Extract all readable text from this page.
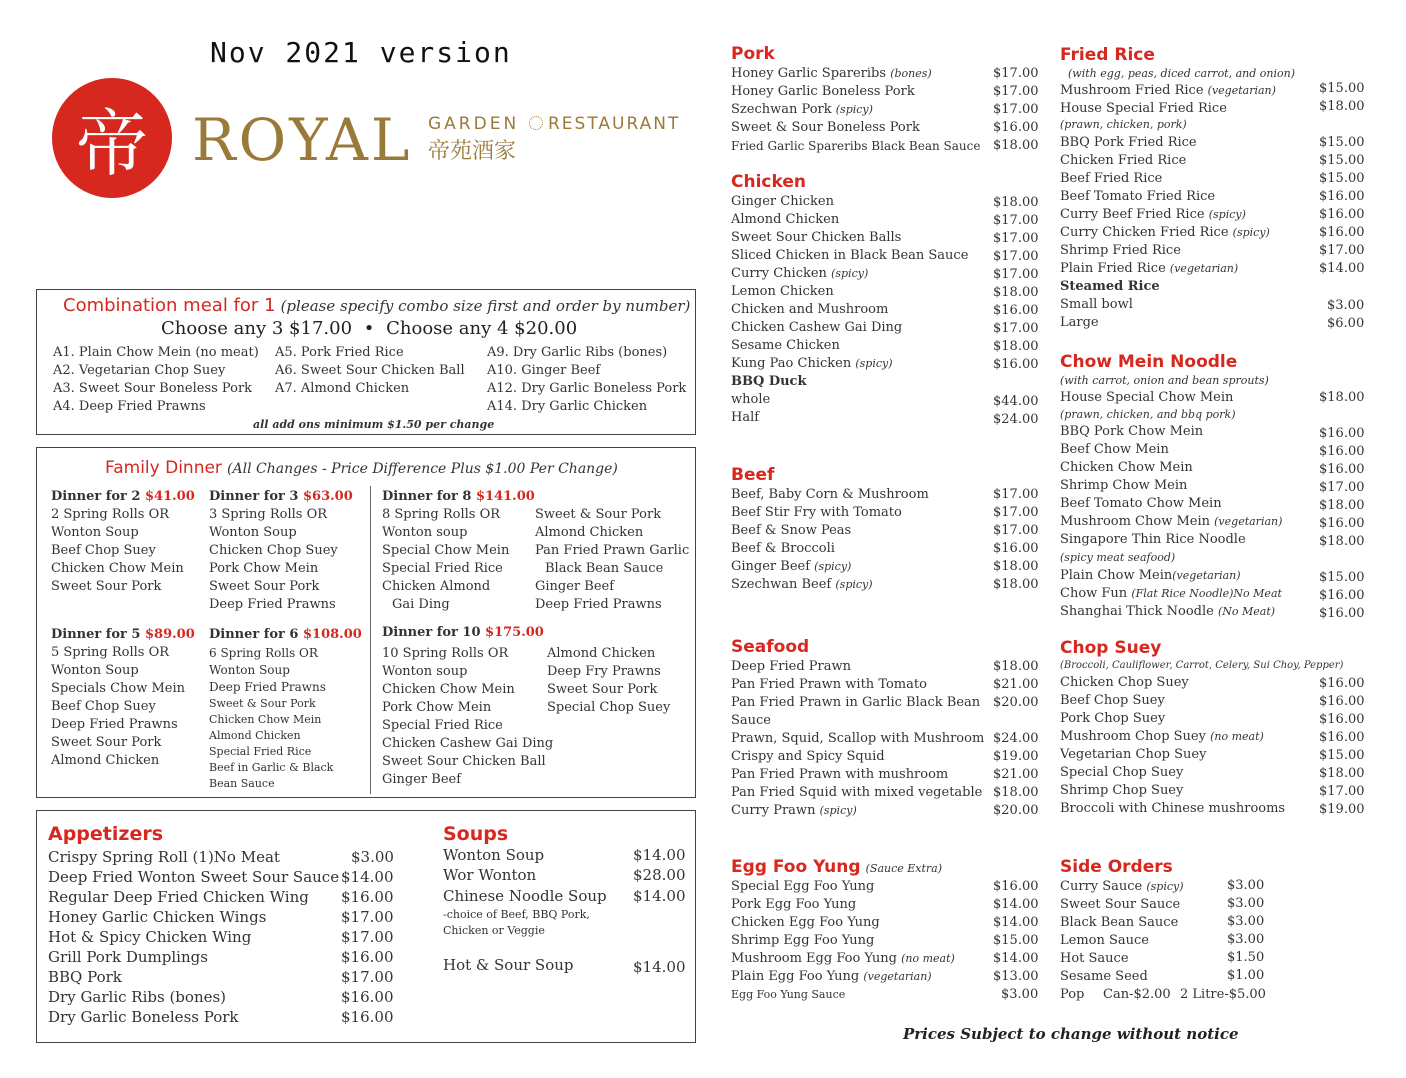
Nov 2021 version
帝 ROYAL GARDEN RESTAURANT
帝苑酒家
Combination meal for 1 (please specify combo size first and order by number)
Choose any 3 $17.00 • Choose any 4 $20.00
A1. Plain Chow Mein (no meat)
A2. Vegetarian Chop Suey
A3. Sweet Sour Boneless Pork
A4. Deep Fried Prawns
A5. Pork Fried Rice
A6. Sweet Sour Chicken Ball
A7. Almond Chicken
A9. Dry Garlic Ribs (bones)
A10. Ginger Beef
A12. Dry Garlic Boneless Pork
A14. Dry Garlic Chicken
all add ons minimum $1.50 per change
Family Dinner (All Changes - Price Difference Plus $1.00 Per Change)
Dinner for 2 $41.00
2 Spring Rolls OR
Wonton Soup
Beef Chop Suey
Chicken Chow Mein
Sweet Sour Pork
Dinner for 3 $63.00
3 Spring Rolls OR
Wonton Soup
Chicken Chop Suey
Pork Chow Mein
Sweet Sour Pork
Deep Fried Prawns
Dinner for 8 $141.00
8 Spring Rolls OR
Wonton soup
Special Chow Mein
Special Fried Rice
Chicken Almond
Gai Ding
Sweet & Sour Pork
Almond Chicken
Pan Fried Prawn Garlic
Black Bean Sauce
Ginger Beef
Deep Fried Prawns
Dinner for 5 $89.00
5 Spring Rolls OR
Wonton Soup
Specials Chow Mein
Beef Chop Suey
Deep Fried Prawns
Sweet Sour Pork
Almond Chicken
Dinner for 6 $108.00
6 Spring Rolls OR
Wonton Soup
Deep Fried Prawns
Sweet & Sour Pork
Chicken Chow Mein
Almond Chicken
Special Fried Rice
Beef in Garlic & Black
Bean Sauce
Dinner for 10 $175.00
10 Spring Rolls OR
Wonton soup
Chicken Chow Mein
Pork Chow Mein
Special Fried Rice
Chicken Cashew Gai Ding
Sweet Sour Chicken Ball
Ginger Beef
Almond Chicken
Deep Fry Prawns
Sweet Sour Pork
Special Chop Suey
Appetizers
Crispy Spring Roll (1)No Meat	$3.00
Deep Fried Wonton Sweet Sour Sauce $14.00
Regular Deep Fried Chicken Wing $16.00
Honey Garlic Chicken Wings	$17.00
Hot & Spicy Chicken Wing	$17.00
Grill Pork Dumplings	$16.00
BBQ Pork	$17.00
Dry Garlic Ribs (bones)	$16.00
Dry Garlic Boneless Pork	$16.00
Soups
Wonton Soup	$14.00
Wor Wonton	$28.00
Chinese Noodle Soup $14.00
-choice of Beef, BBQ Pork,
Chicken or Veggie
Hot & Sour Soup	$14.00
Pork
Honey Garlic Spareribs (bones)	$17.00
Honey Garlic Boneless Pork	$17.00
Szechwan Pork (spicy)	$17.00
Sweet & Sour Boneless Pork	$16.00
Fried Garlic Spareribs Black Bean Sauce $18.00
Chicken
Ginger Chicken	$18.00
Almond Chicken	$17.00
Sweet Sour Chicken Balls	$17.00
Sliced Chicken in Black Bean Sauce $17.00
Curry Chicken (spicy)	$17.00
Lemon Chicken	$18.00
Chicken and Mushroom	$16.00
Chicken Cashew Gai Ding	$17.00
Sesame Chicken	$18.00
Kung Pao Chicken (spicy)	$16.00
BBQ Duck
whole	$44.00
Half	$24.00
Beef
Beef, Baby Corn & Mushroom	$17.00
Beef Stir Fry with Tomato	$17.00
Beef & Snow Peas	$17.00
Beef & Broccoli	$16.00
Ginger Beef (spicy)	$18.00
Szechwan Beef (spicy)	$18.00
Seafood
Deep Fried Prawn	$18.00
Pan Fried Prawn with Tomato	$21.00
Pan Fried Prawn in Garlic Black Bean $20.00
Sauce
Prawn, Squid, Scallop with Mushroom $24.00
Crispy and Spicy Squid	$19.00
Pan Fried Prawn with mushroom	$21.00
Pan Fried Squid with mixed vegetable $18.00
Curry Prawn (spicy)	$20.00
Egg Foo Yung (Sauce Extra)
Special Egg Foo Yung	$16.00
Pork Egg Foo Yung	$14.00
Chicken Egg Foo Yung	$14.00
Shrimp Egg Foo Yung	$15.00
Mushroom Egg Foo Yung (no meat)	$14.00
Plain Egg Foo Yung (vegetarian)	$13.00
Egg Foo Yung Sauce	$3.00
Fried Rice
(with egg, peas, diced carrot, and onion)
Mushroom Fried Rice (vegetarian)	$15.00
House Special Fried Rice	$18.00
(prawn, chicken, pork)
BBQ Pork Fried Rice	$15.00
Chicken Fried Rice	$15.00
Beef Fried Rice	$15.00
Beef Tomato Fried Rice	$16.00
Curry Beef Fried Rice (spicy)	$16.00
Curry Chicken Fried Rice (spicy)	$16.00
Shrimp Fried Rice	$17.00
Plain Fried Rice (vegetarian)	$14.00
Steamed Rice
Small bowl	$3.00
Large	$6.00
Chow Mein Noodle
(with carrot, onion and bean sprouts)
House Special Chow Mein	$18.00
(prawn, chicken, and bbq pork)
BBQ Pork Chow Mein	$16.00
Beef Chow Mein	$16.00
Chicken Chow Mein	$16.00
Shrimp Chow Mein	$17.00
Beef Tomato Chow Mein	$18.00
Mushroom Chow Mein (vegetarian)	$16.00
Singapore Thin Rice Noodle	$18.00
(spicy meat seafood)
Plain Chow Mein(vegetarian)	$15.00
Chow Fun (Flat Rice Noodle)No Meat	$16.00
Shanghai Thick Noodle (No Meat)	$16.00
Chop Suey
(Broccoli, Cauliflower, Carrot, Celery, Sui Choy, Pepper)
Chicken Chop Suey	$16.00
Beef Chop Suey	$16.00
Pork Chop Suey	$16.00
Mushroom Chop Suey (no meat)	$16.00
Vegetarian Chop Suey	$15.00
Special Chop Suey	$18.00
Shrimp Chop Suey	$17.00
Broccoli with Chinese mushrooms	$19.00
Side Orders
Curry Sauce (spicy)	$3.00
Sweet Sour Sauce	$3.00
Black Bean Sauce	$3.00
Lemon Sauce	$3.00
Hot Sauce	$1.50
Sesame Seed	$1.00
Pop Can-$2.00 2 Litre-$5.00
Prices Subject to change without notice
